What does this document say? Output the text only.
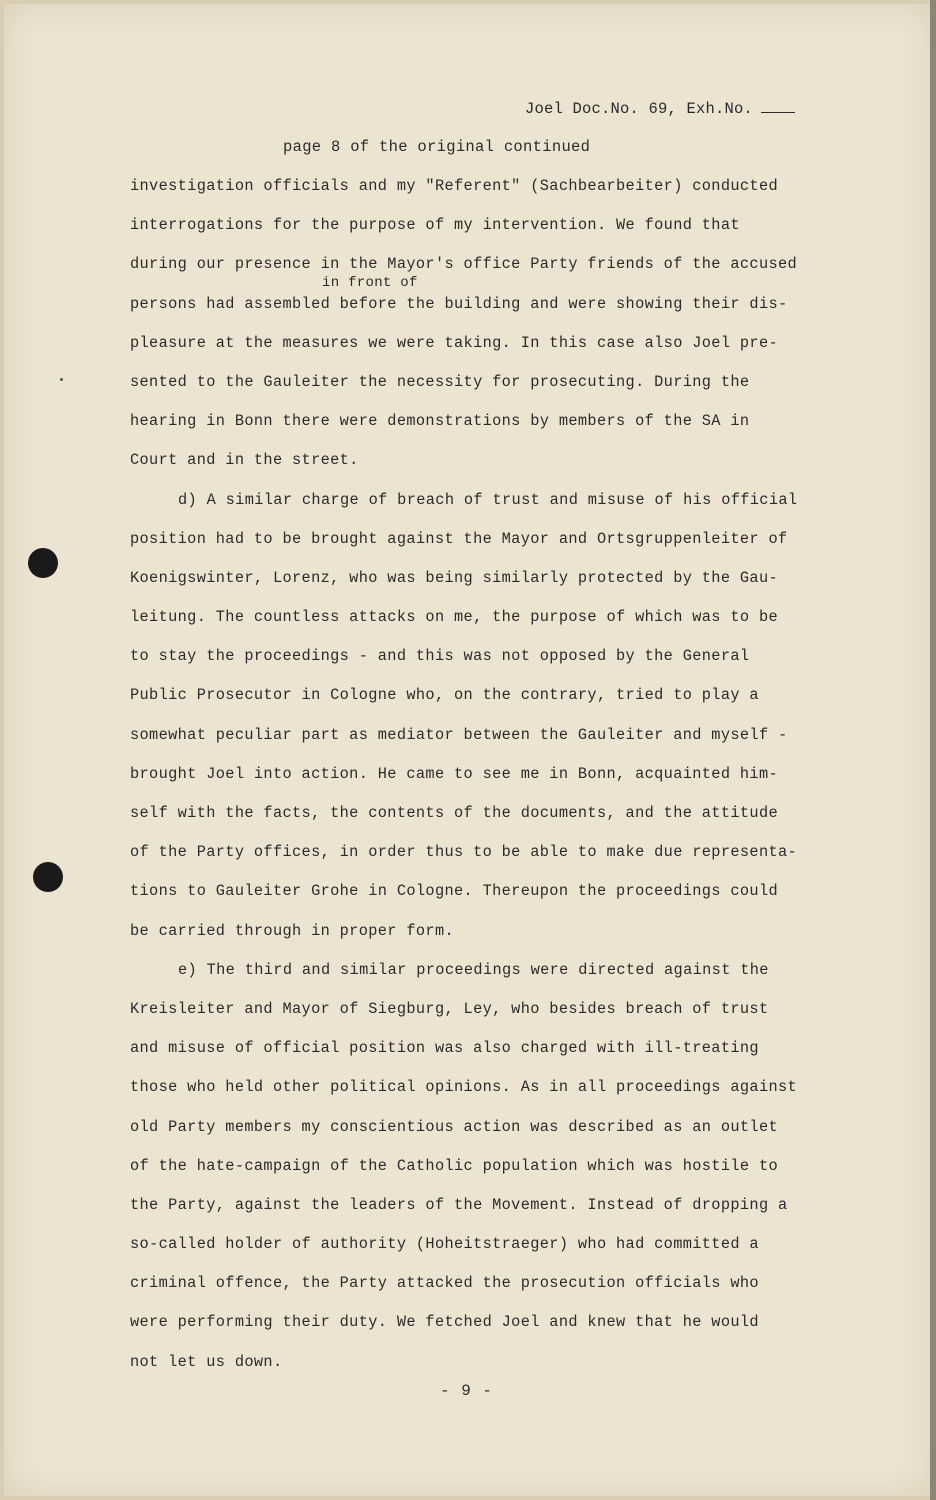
Joel Doc.No. 69, Exh.No.
page 8 of the original continued
investigation officials and my "Referent" (Sachbearbeiter) conducted
interrogations for the purpose of my intervention. We found that
during our presence in the Mayor's office Party friends of the accused
in front of
persons had assembled before the building and were showing their dis-
pleasure at the measures we were taking. In this case also Joel pre-
sented to the Gauleiter the necessity for prosecuting. During the
hearing in Bonn there were demonstrations by members of the SA in
Court and in the street.
d) A similar charge of breach of trust and misuse of his official
position had to be brought against the Mayor and Ortsgruppenleiter of
Koenigswinter, Lorenz, who was being similarly protected by the Gau-
leitung. The countless attacks on me, the purpose of which was to be
to stay the proceedings - and this was not opposed by the General
Public Prosecutor in Cologne who, on the contrary, tried to play a
somewhat peculiar part as mediator between the Gauleiter and myself -
brought Joel into action. He came to see me in Bonn, acquainted him-
self with the facts, the contents of the documents, and the attitude
of the Party offices, in order thus to be able to make due representa-
tions to Gauleiter Grohe in Cologne. Thereupon the proceedings could
be carried through in proper form.
e) The third and similar proceedings were directed against the
Kreisleiter and Mayor of Siegburg, Ley, who besides breach of trust
and misuse of official position was also charged with ill-treating
those who held other political opinions. As in all proceedings against
old Party members my conscientious action was described as an outlet
of the hate-campaign of the Catholic population which was hostile to
the Party, against the leaders of the Movement. Instead of dropping a
so-called holder of authority (Hoheitstraeger) who had committed a
criminal offence, the Party attacked the prosecution officials who
were performing their duty. We fetched Joel and knew that he would
not let us down.
- 9 -
